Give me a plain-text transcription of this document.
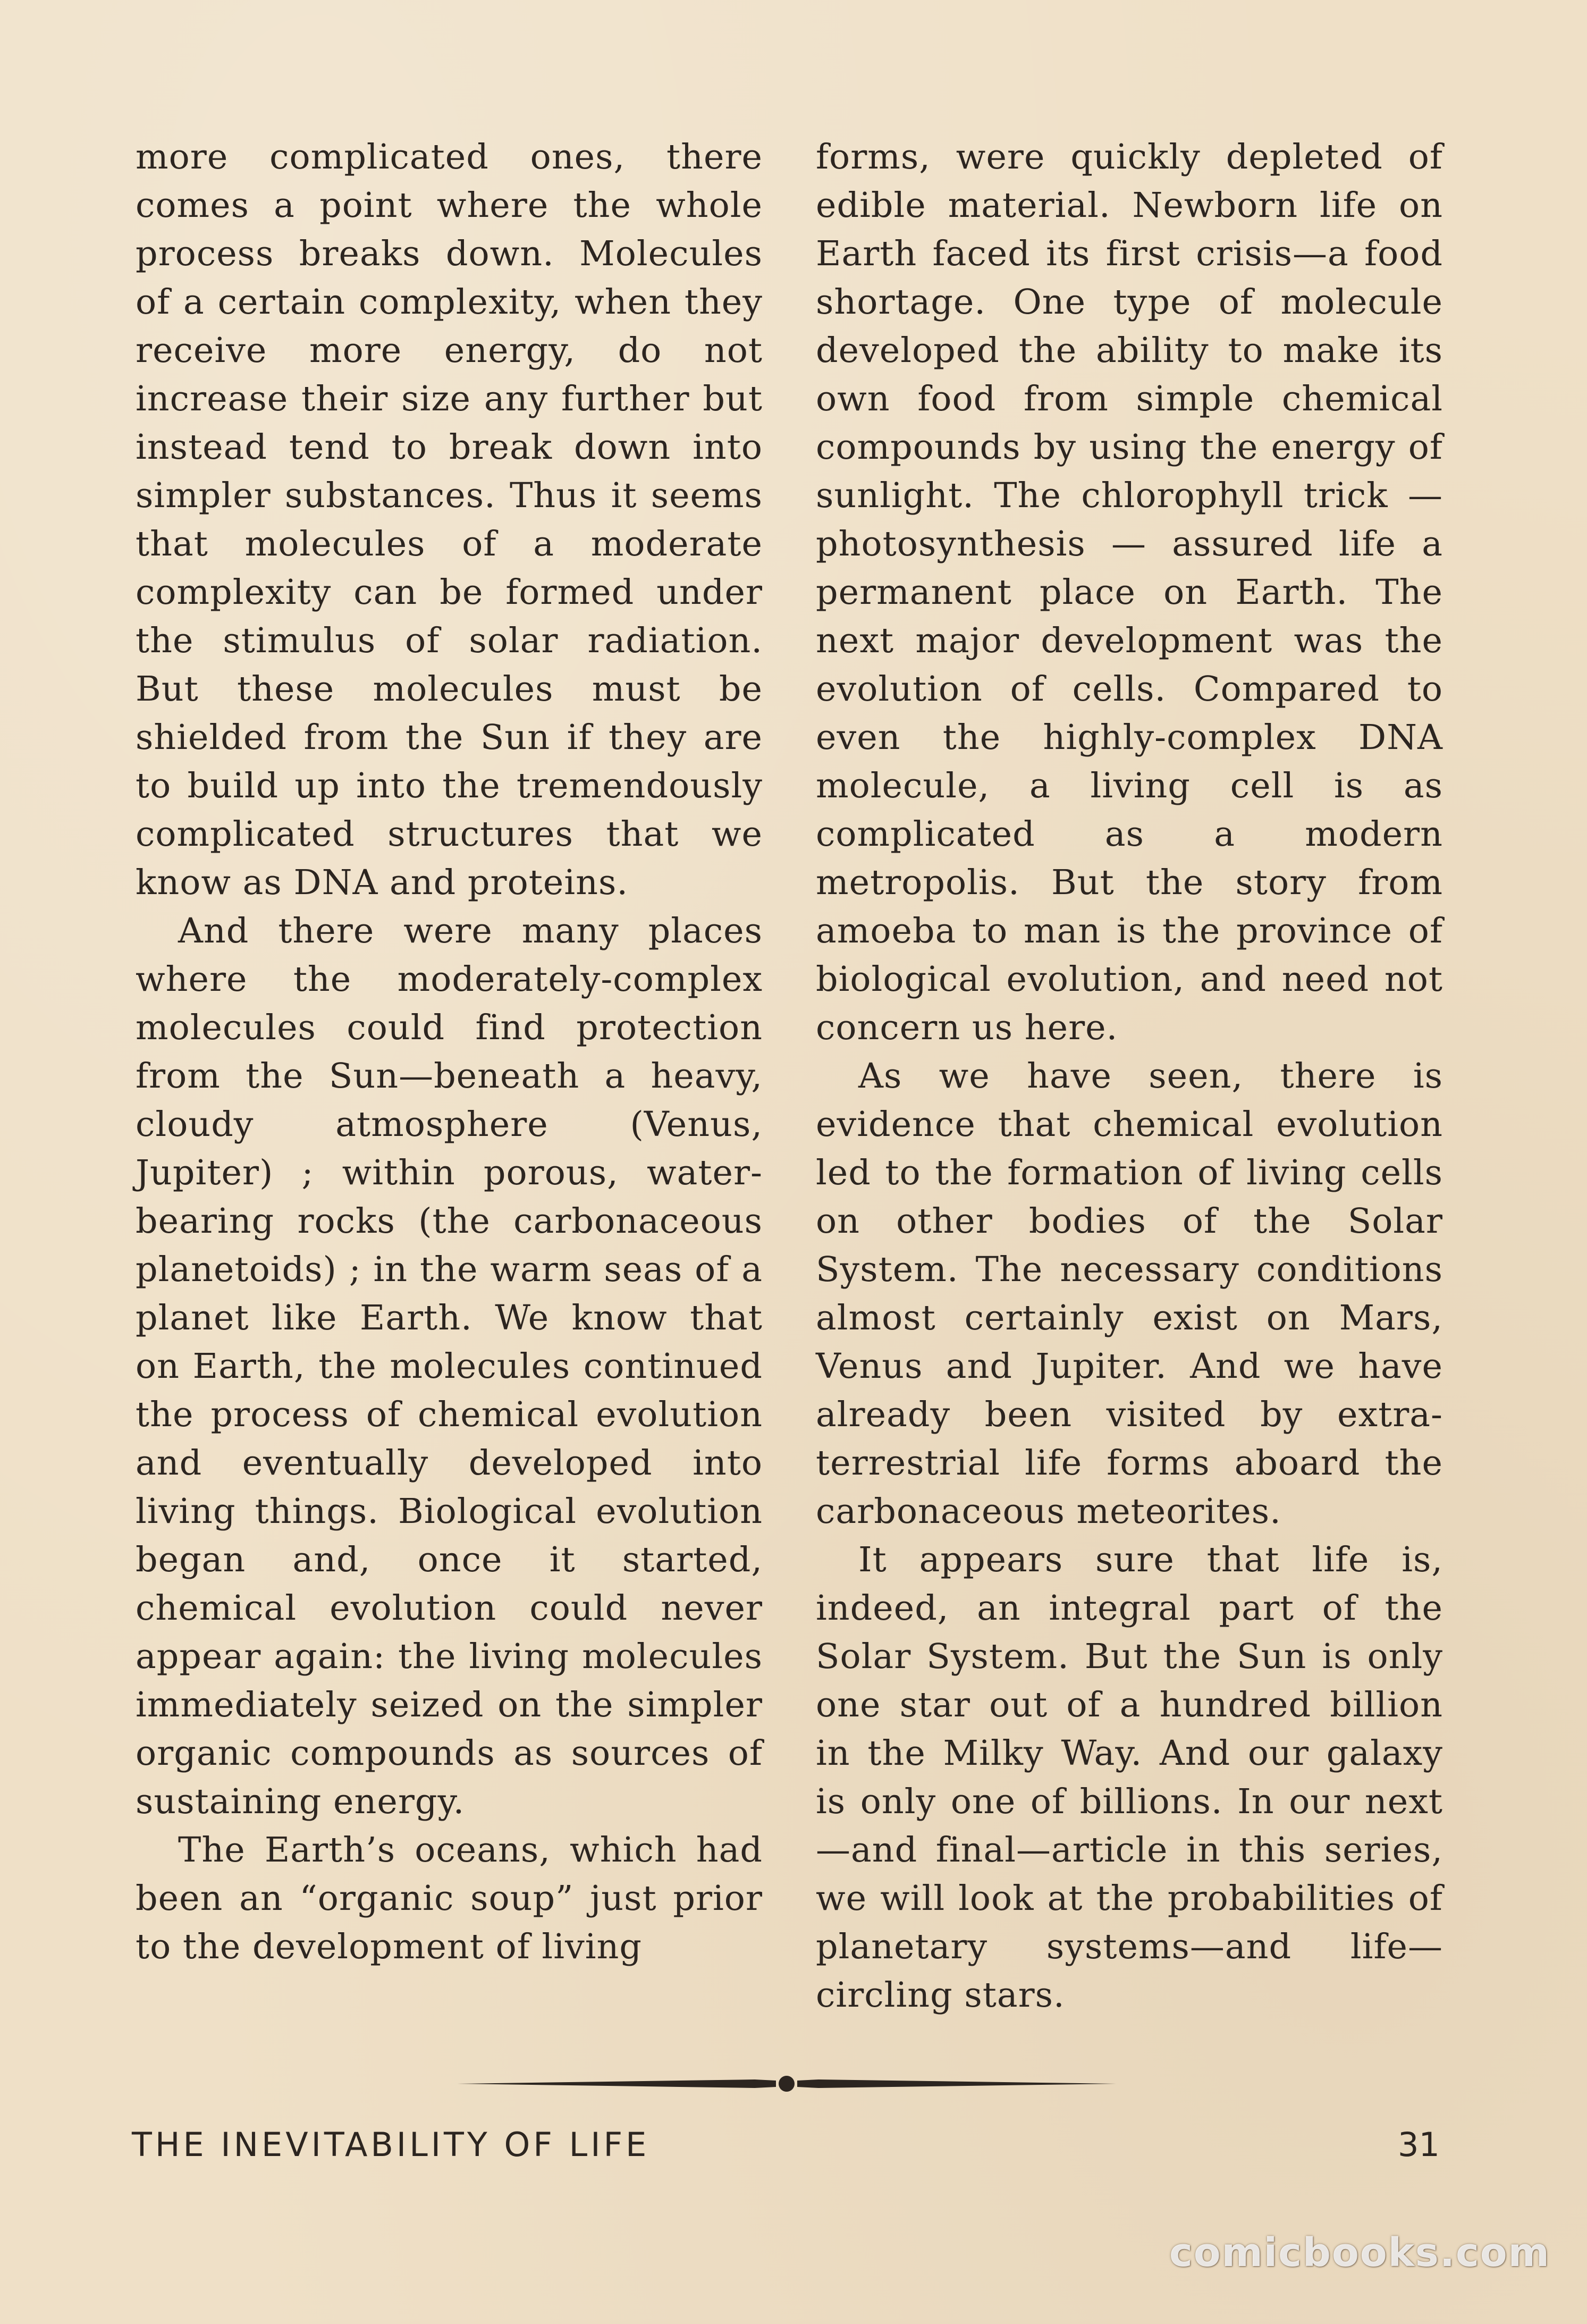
more complicated ones, there comes a point where the whole process breaks down. Molecules of a certain complexity, when they receive more energy, do not increase their size any further but instead tend to break down into simpler substances. Thus it seems that molecules of a moderate complexity can be formed under the stimulus of solar radiation. But these molecules must be shielded from the Sun if they are to build up into the tremendously complicated structures that we know as DNA and proteins.

And there were many places where the moderately-complex molecules could find protection from the Sun—beneath a heavy, cloudy atmosphere (Venus, Jupiter) ; within porous, water-bearing rocks (the carbonaceous planetoids) ; in the warm seas of a planet like Earth. We know that on Earth, the molecules continued the process of chemical evolution and eventually developed into living things. Biological evolution began and, once it started, chemical evolution could never appear again: the living molecules immediately seized on the simpler organic compounds as sources of sustaining energy.

The Earth’s oceans, which had been an “organic soup” just prior to the development of living

forms, were quickly depleted of edible material. Newborn life on Earth faced its first crisis—a food shortage. One type of molecule developed the ability to make its own food from simple chemical compounds by using the energy of sunlight. The chlorophyll trick — photosynthesis — assured life a permanent place on Earth. The next major development was the evolution of cells. Compared to even the highly-complex DNA molecule, a living cell is as complicated as a modern metropolis. But the story from amoeba to man is the province of biological evolution, and need not concern us here.

As we have seen, there is evidence that chemical evolution led to the formation of living cells on other bodies of the Solar System. The necessary conditions almost certainly exist on Mars, Venus and Jupiter. And we have already been visited by extra-terrestrial life forms aboard the carbonaceous meteorites.

It appears sure that life is, indeed, an integral part of the Solar System. But the Sun is only one star out of a hundred billion in the Milky Way. And our galaxy is only one of billions. In our next—and final—article in this series, we will look at the probabilities of planetary systems—and life—circling stars.

THE INEVITABILITY OF LIFE	31
comicbooks.com
